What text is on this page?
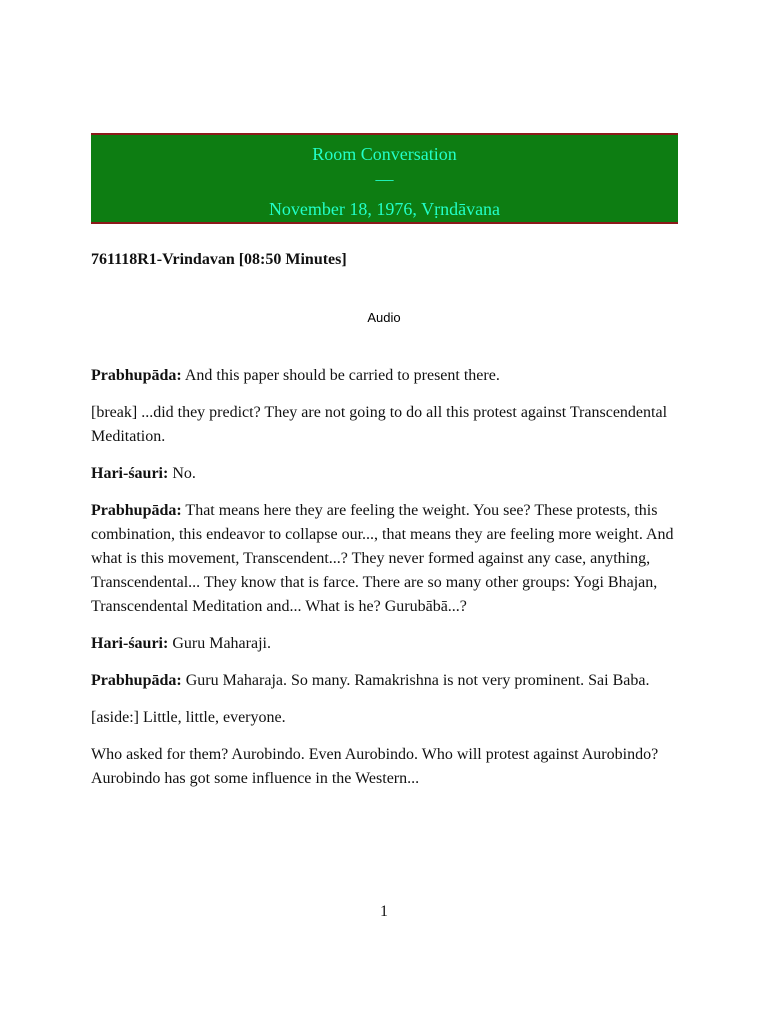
Room Conversation
—
November 18, 1976, Vṛndāvana
761118R1-Vrindavan [08:50 Minutes]
Audio

Prabhupāda: And this paper should be carried to present there.

[break] ...did they predict? They are not going to do all this protest against Transcendental Meditation.

Hari-śauri: No.

Prabhupāda: That means here they are feeling the weight. You see? These protests, this combination, this endeavor to collapse our..., that means they are feeling more weight. And what is this movement, Transcendent...? They never formed against any case, anything, Transcendental... They know that is farce. There are so many other groups: Yogi Bhajan, Transcendental Meditation and... What is he? Gurubābā...?

Hari-śauri: Guru Maharaji.

Prabhupāda: Guru Maharaja. So many. Ramakrishna is not very prominent. Sai Baba.

[aside:] Little, little, everyone.

Who asked for them? Aurobindo. Even Aurobindo. Who will protest against Aurobindo? Aurobindo has got some influence in the Western...

1
